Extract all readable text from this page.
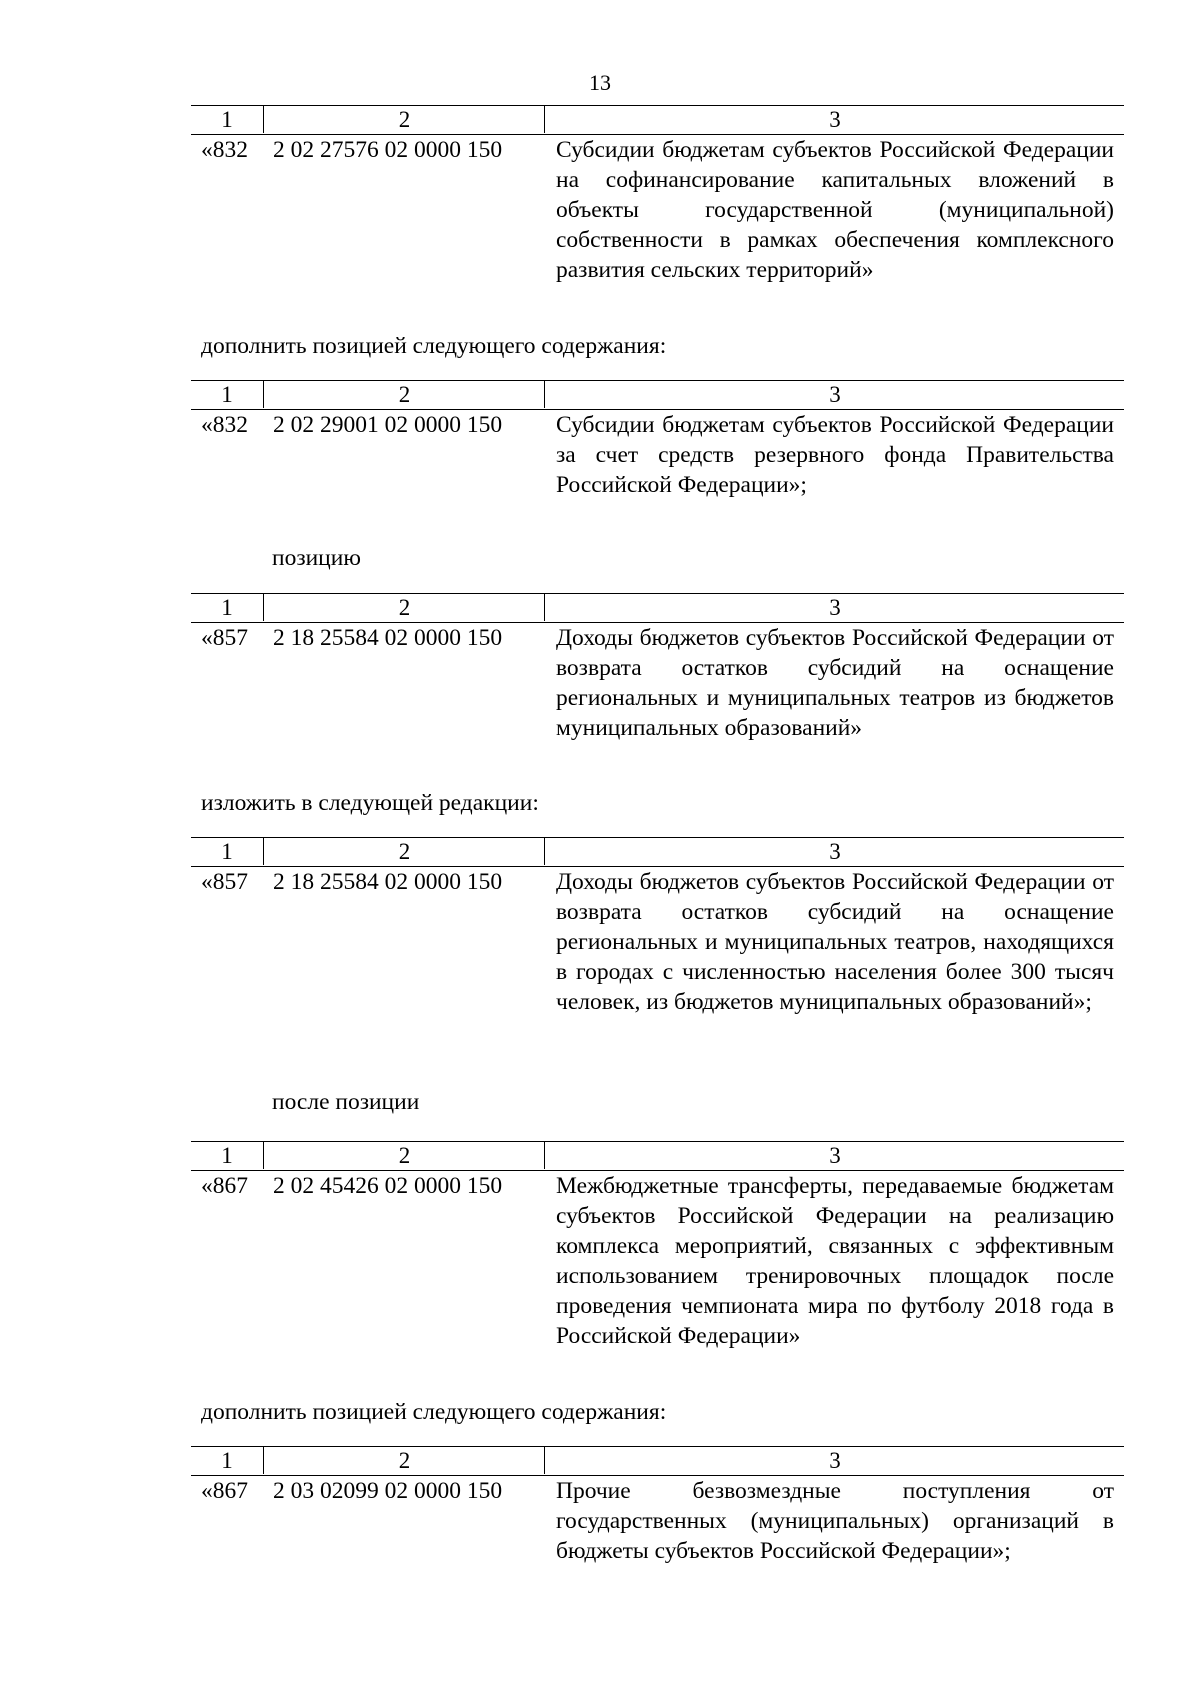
13
1	2	3
«832	2 02 27576 02 0000 150 Субсидии бюджетам субъектов Российской Федерации на софинансирование капитальных вложений в объекты государственной (муниципальной) собственности в рамках обеспечения комплексного развития сельских территорий»
дополнить позицией следующего содержания:
1	2	3
«832	2 02 29001 02 0000 150 Субсидии бюджетам субъектов Российской Федерации за счет средств резервного фонда Правительства Российской Федерации»;
позицию
1	2	3
«857	2 18 25584 02 0000 150 Доходы бюджетов субъектов Российской Федерации от возврата остатков субсидий на оснащение региональных и муниципальных театров из бюджетов муниципальных образований»
изложить в следующей редакции:
1	2	3
«857	2 18 25584 02 0000 150 Доходы бюджетов субъектов Российской Федерации от возврата остатков субсидий на оснащение региональных и муниципальных театров, находящихся в городах с численностью населения более 300 тысяч человек, из бюджетов муниципальных образований»;
после позиции
1	2	3
«867	2 02 45426 02 0000 150 Межбюджетные трансферты, передаваемые бюджетам субъектов Российской Федерации на реализацию комплекса мероприятий, связанных с эффективным использованием тренировочных площадок после проведения чемпионата мира по футболу 2018 года в Российской Федерации»
дополнить позицией следующего содержания:
1	2	3
«867	2 03 02099 02 0000 150 Прочие безвозмездные поступления от государственных (муниципальных) организаций в бюджеты субъектов Российской Федерации»;
